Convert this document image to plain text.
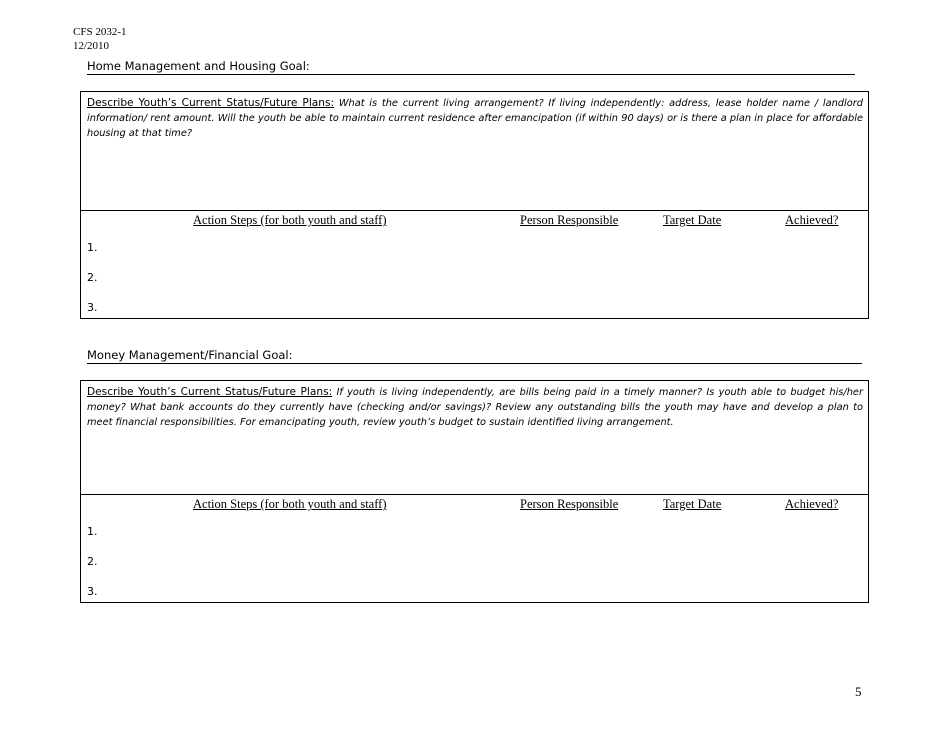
CFS 2032-1
12/2010
Home Management and Housing Goal:
Describe Youth’s Current Status/Future Plans: What is the current living arrangement? If living independently: address, lease holder name / landlord information/ rent amount. Will the youth be able to maintain current residence after emancipation (if within 90 days) or is there a plan in place for affordable housing at that time?
Action Steps (for both youth and staff)	Person Responsible	Target Date	Achieved?
1.
2.
3.
Money Management/Financial Goal:
Describe Youth’s Current Status/Future Plans: If youth is living independently, are bills being paid in a timely manner? Is youth able to budget his/her money? What bank accounts do they currently have (checking and/or savings)? Review any outstanding bills the youth may have and develop a plan to meet financial responsibilities. For emancipating youth, review youth’s budget to sustain identified living arrangement.
Action Steps (for both youth and staff)	Person Responsible	Target Date	Achieved?
1.
2.
3.
5
